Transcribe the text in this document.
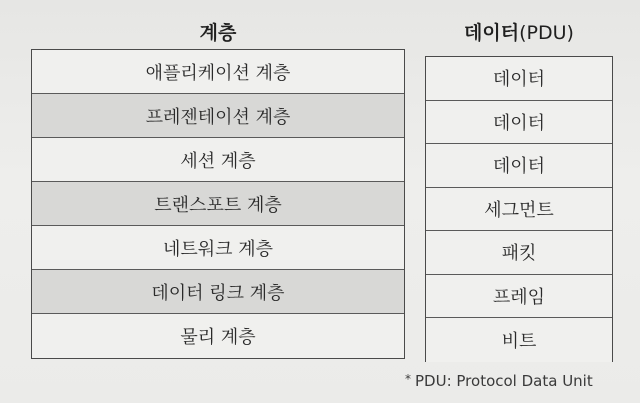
계층	데이터(PDU)
애플리케이션 계층
프레젠테이션 계층
세션 계층
트랜스포트 계층
네트워크 계층
데이터 링크 계층
물리 계층
데이터
데이터
데이터
세그먼트
패킷
프레임
비트
* PDU: Protocol Data Unit
